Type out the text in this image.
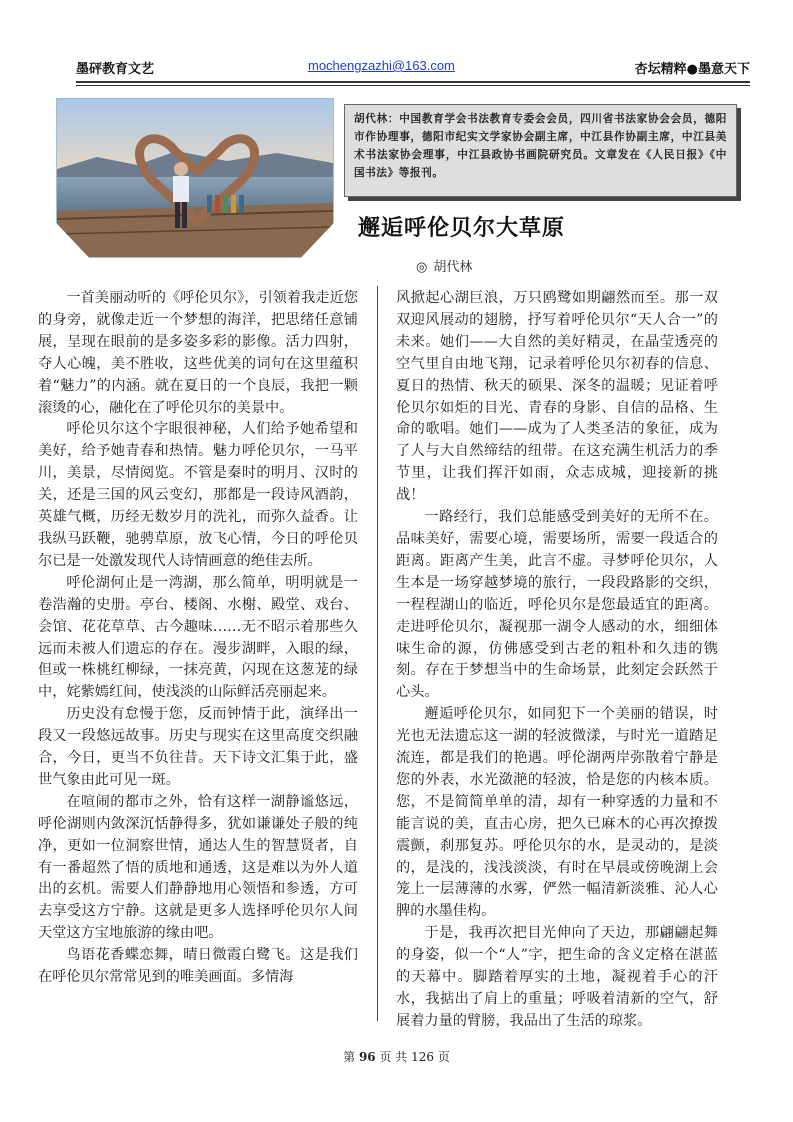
墨砰教育文艺	mochengzazhi@163.com	杏坛精粹●墨意天下
胡代林：中国教育学会书法教育专委会会员，四川省书法家协会会员，德阳市作协理事，德阳市纪实文学家协会副主席，中江县作协副主席，中江县美术书法家协会理事，中江县政协书画院研究员。文章发在《人民日报》《中国书法》等报刊。
邂逅呼伦贝尔大草原
◎ 胡代林

一首美丽动听的《呼伦贝尔》，引领着我走近您的身旁，就像走近一个梦想的海洋，把思绪任意铺展，呈现在眼前的是多姿多彩的影像。活力四射，夺人心魄，美不胜收，这些优美的词句在这里蕴积着“魅力”的内涵。就在夏日的一个良辰，我把一颗滚烫的心，融化在了呼伦贝尔的美景中。

呼伦贝尔这个字眼很神秘，人们给予她希望和美好，给予她青春和热情。魅力呼伦贝尔，一马平川，美景，尽情阅览。不管是秦时的明月、汉时的关，还是三国的风云变幻，那都是一段诗风酒韵，英雄气概，历经无数岁月的洗礼，而弥久益香。让我纵马跃鞭，驰骋草原，放飞心情，今日的呼伦贝尔已是一处激发现代人诗情画意的绝佳去所。

呼伦湖何止是一湾湖，那么简单，明明就是一卷浩瀚的史册。亭台、楼阁、水榭、殿堂、戏台、会馆、花花草草、古今趣味……无不昭示着那些久远而未被人们遗忘的存在。漫步湖畔，入眼的绿，但或一株桃红柳绿，一抹亮黄，闪现在这葱茏的绿中，姹紫嫣红间，使浅淡的山际鲜活亮丽起来。

历史没有怠慢于您，反而钟情于此，演绎出一段又一段悠远故事。历史与现实在这里高度交织融合，今日，更当不负往昔。天下诗文汇集于此，盛世气象由此可见一斑。

在喧闹的都市之外，恰有这样一湖静谧悠远，呼伦湖则内敛深沉恬静得多，犹如谦谦处子般的纯净，更如一位洞察世情，通达人生的智慧贤者，自有一番超然了悟的质地和通透，这是难以为外人道出的玄机。需要人们静静地用心领悟和参透，方可去享受这方宁静。这就是更多人选择呼伦贝尔人间天堂这方宝地旅游的缘由吧。

鸟语花香蝶恋舞，晴日微霞白鹭飞。这是我们在呼伦贝尔常常见到的唯美画面。多情海

风掀起心湖巨浪，万只鸥鹭如期翩然而至。那一双双迎风展动的翅膀，抒写着呼伦贝尔“天人合一”的未来。她们——大自然的美好精灵，在晶莹透亮的空气里自由地飞翔，记录着呼伦贝尔初春的信息、夏日的热情、秋天的硕果、深冬的温暖；见证着呼伦贝尔如炬的目光、青春的身影、自信的品格、生命的歌唱。她们——成为了人类圣洁的象征，成为了人与大自然缔结的纽带。在这充满生机活力的季节里，让我们挥汗如雨，众志成城，迎接新的挑战！

一路经行，我们总能感受到美好的无所不在。品味美好，需要心境，需要场所，需要一段适合的距离。距离产生美，此言不虚。寻梦呼伦贝尔，人生本是一场穿越梦境的旅行，一段段路影的交织，一程程湖山的临近，呼伦贝尔是您最适宜的距离。走进呼伦贝尔，凝视那一湖令人感动的水，细细体味生命的源，仿佛感受到古老的粗朴和久违的镌刻。存在于梦想当中的生命场景，此刻定会跃然于心头。

邂逅呼伦贝尔，如同犯下一个美丽的错误，时光也无法遗忘这一湖的轻波微漾，与时光一道踏足流连，都是我们的艳遇。呼伦湖两岸弥散着宁静是您的外表，水光潋滟的轻波，恰是您的内核本质。您，不是简简单单的清，却有一种穿透的力量和不能言说的美，直击心房，把久已麻木的心再次撩拨震颤，刹那复苏。呼伦贝尔的水，是灵动的，是淡的，是浅的，浅浅淡淡，有时在早晨或傍晚湖上会笼上一层薄薄的水雾，俨然一幅清新淡雅、沁人心脾的水墨佳构。

于是，我再次把目光伸向了天边，那翩翩起舞的身姿，似一个“人”字，把生命的含义定格在湛蓝的天幕中。脚踏着厚实的土地，凝视着手心的汗水，我掂出了肩上的重量；呼吸着清新的空气，舒展着力量的臂膀，我品出了生活的琼浆。

第 96 页 共 126 页
